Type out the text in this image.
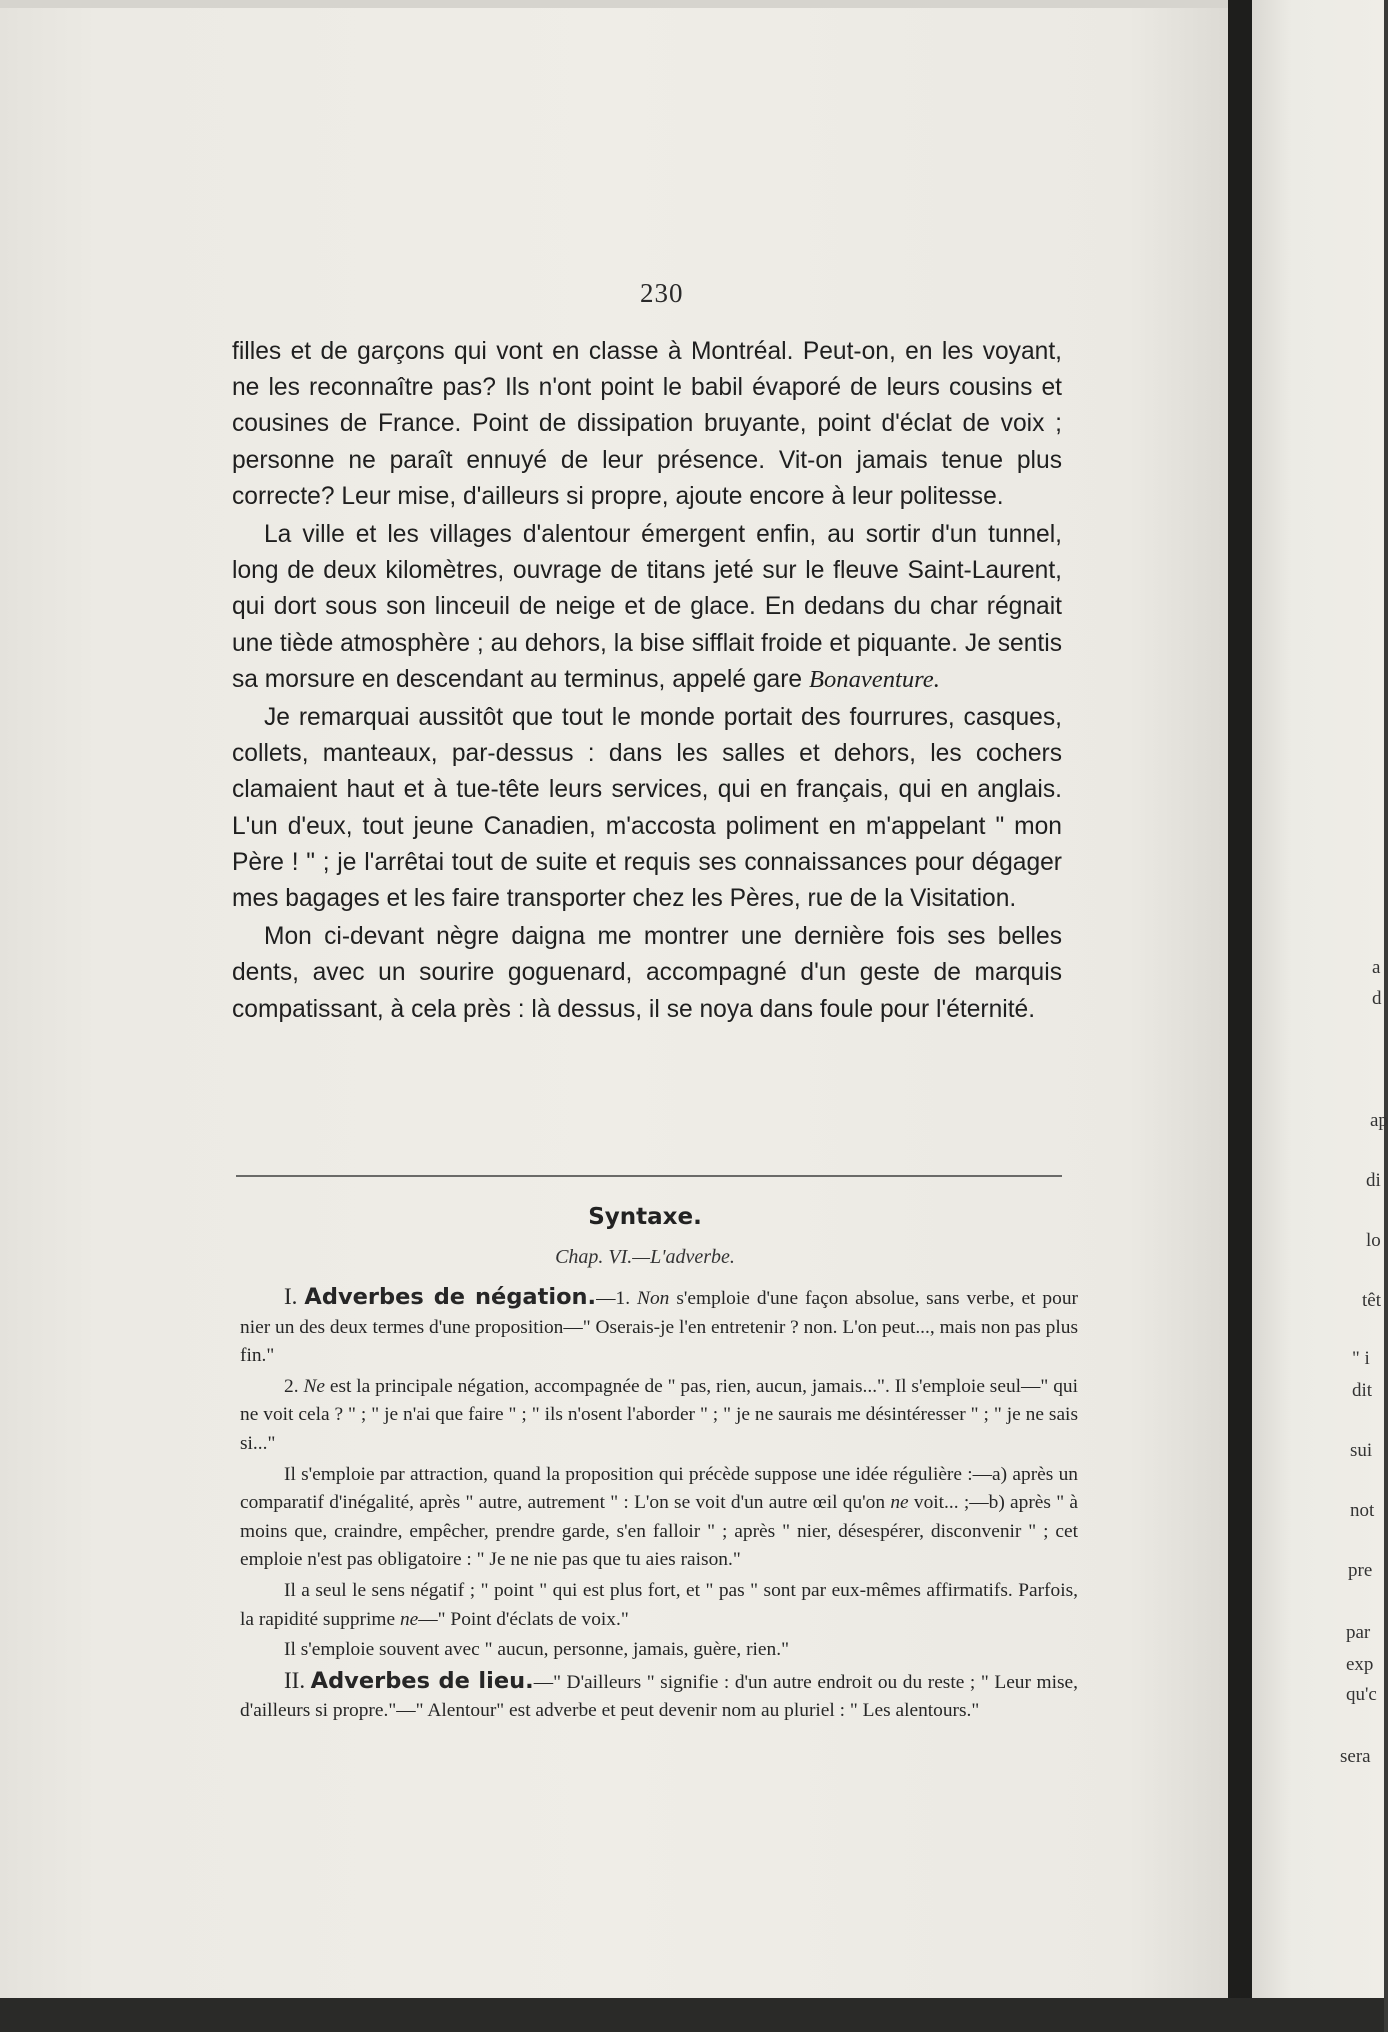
230

filles et de garçons qui vont en classe à Montréal. Peut-on, en les voyant, ne les reconnaître pas? Ils n'ont point le babil évaporé de leurs cousins et cousines de France. Point de dissipation bruyante, point d'éclat de voix ; personne ne paraît ennuyé de leur présence. Vit-on jamais tenue plus correcte? Leur mise, d'ailleurs si propre, ajoute encore à leur politesse.

La ville et les villages d'alentour émergent enfin, au sortir d'un tunnel, long de deux kilomètres, ouvrage de titans jeté sur le fleuve Saint-Laurent, qui dort sous son linceuil de neige et de glace. En dedans du char régnait une tiède atmosphère ; au dehors, la bise sifflait froide et piquante. Je sentis sa morsure en descendant au terminus, appelé gare Bonaventure.

Je remarquai aussitôt que tout le monde portait des fourrures, casques, collets, manteaux, par-dessus : dans les salles et dehors, les cochers clamaient haut et à tue-tête leurs services, qui en français, qui en anglais. L'un d'eux, tout jeune Canadien, m'accosta poliment en m'appelant " mon Père ! " ; je l'arrêtai tout de suite et requis ses connaissances pour dégager mes bagages et les faire transporter chez les Pères, rue de la Visitation.

Mon ci-devant nègre daigna me montrer une dernière fois ses belles dents, avec un sourire goguenard, accompagné d'un geste de marquis compatissant, à cela près : là dessus, il se noya dans foule pour l'éternité.

Syntaxe.
Chap. VI.—L'adverbe.

I. Adverbes de négation.—1. Non s'emploie d'une façon absolue, sans verbe, et pour nier un des deux termes d'une proposition—" Oserais-je l'en entretenir ? non. L'on peut..., mais non pas plus fin."

2. Ne est la principale négation, accompagnée de " pas, rien, aucun, jamais...". Il s'emploie seul—" qui ne voit cela ? " ; " je n'ai que faire " ; " ils n'osent l'aborder " ; " je ne saurais me désintéresser " ; " je ne sais si..."

Il s'emploie par attraction, quand la proposition qui précède suppose une idée régulière :—a) après un comparatif d'inégalité, après " autre, autrement " : L'on se voit d'un autre œil qu'on ne voit... ;—b) après " à moins que, craindre, empêcher, prendre garde, s'en falloir " ; après " nier, désespérer, disconvenir " ; cet emploie n'est pas obligatoire : " Je ne nie pas que tu aies raison."

Il a seul le sens négatif ; " point " qui est plus fort, et " pas " sont par eux-mêmes affirmatifs. Parfois, la rapidité supprime ne—" Point d'éclats de voix."

Il s'emploie souvent avec " aucun, personne, jamais, guère, rien."

II. Adverbes de lieu.—" D'ailleurs " signifie : d'un autre endroit ou du reste ; " Leur mise, d'ailleurs si propre."—" Alentour" est adverbe et peut devenir nom au pluriel : " Les alentours."

a
d
ap
di
lo
têt
" i
dit
sui
not
pre
par
exp
qu'c
sera
